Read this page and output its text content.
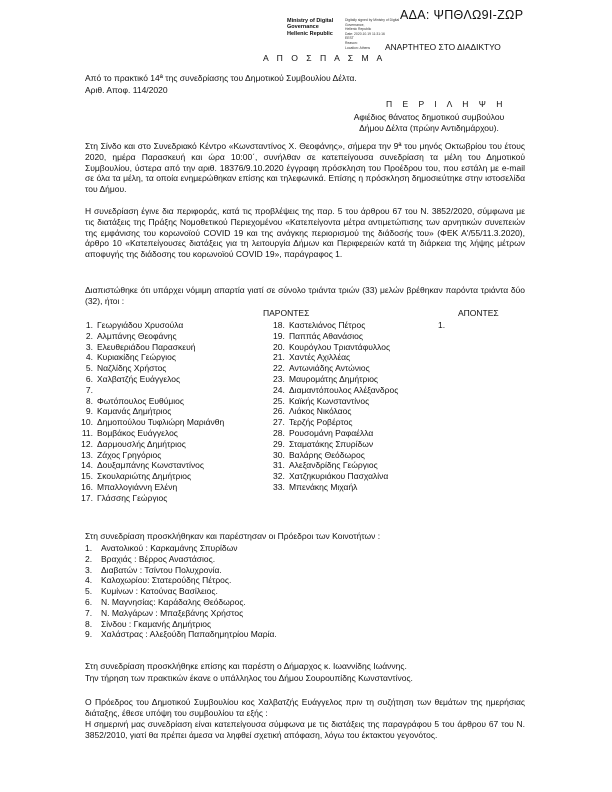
Ministry of Digital
Governance
Hellenic Republic
Digitally signed by Ministry of Digital
Governance,
Hellenic Republic
Date: 2020.10.19 11:31:16
EEST
Reason:
Location: Athens
ΑΔΑ: ΨΠΘΛΩ9Ι-ΖΩΡ
ΑΝΑΡΤΗΤΕΟ ΣΤΟ ΔΙΑΔΙΚΤΥΟ
Α Π Ο Σ Π Α Σ Μ Α
Από το πρακτικό 14ª της συνεδρίασης του Δημοτικού Συμβουλίου Δέλτα.
Αριθ. Αποφ. 114/2020
Π Ε Ρ Ι Λ Η Ψ Η
Αφιέδιος θάνατος δημοτικού συμβούλου
Δήμου Δέλτα (πρώην Αντιδημάρχου).
Στη Σίνδο και στο Συνεδριακό Κέντρο «Κωνσταντίνος Χ. Θεοφάνης», σήμερα την 9ª του μηνός Οκτωβρίου του έτους 2020, ημέρα Παρασκευή και ώρα 10:00΄, συνήλθαν σε κατεπείγουσα συνεδρίαση τα μέλη του Δημοτικού Συμβουλίου, ύστερα από την αριθ. 18376/9.10.2020 έγγραφη πρόσκληση του Προέδρου του, που εστάλη με e-mail σε όλα τα μέλη, τα οποία ενημερώθηκαν επίσης και τηλεφωνικά. Επίσης η πρόσκληση δημοσιεύτηκε στην ιστοσελίδα του Δήμου.
Η συνεδρίαση έγινε δια περιφοράς, κατά τις προβλέψεις της παρ. 5 του άρθρου 67 του Ν. 3852/2020, σύμφωνα με τις διατάξεις της Πράξης Νομοθετικού Περιεχομένου «Κατεπείγοντα μέτρα αντιμετώπισης των αρνητικών συνεπειών της εμφάνισης του κορωνοϊού COVID 19 και της ανάγκης περιορισμού της διάδοσής του» (ΦΕΚ Α'/55/11.3.2020), άρθρο 10 «Κατεπείγουσες διατάξεις για τη λειτουργία Δήμων και Περιφερειών κατά τη διάρκεια της λήψης μέτρων αποφυγής της διάδοσης του κορωνοϊού COVID 19», παράγραφος 1.
Διαπιστώθηκε ότι υπάρχει νόμιμη απαρτία γιατί σε σύνολο τριάντα τριών (33) μελών βρέθηκαν παρόντα τριάντα δύο (32), ήτοι :
ΠΑΡΟΝΤΕΣ	ΑΠΟΝΤΕΣ
1. Γεωργιάδου Χρυσούλα
2. Αλμπάνης Θεοφάνης
3. Ελευθεριάδου Παρασκευή
4. Κυριακίδης Γεώργιος
5. Ναζλίδης Χρήστος
6. Χαλβατζής Ευάγγελος
7.
8. Φωτόπουλος Ευθύμιος
9. Καμανάς Δημήτριος
10. Δημοπούλου Τυφλιώρη Μαριάνθη
11. Βομβάκος Ευάγγελος
12. Δαρμουσλής Δημήτριος
13. Ζάχος Γρηγόριος
14. Δουξαμπάνης Κωνσταντίνος
15. Σκουλαριώτης Δημήτριος
16. Μπαλλογιάννη Ελένη
17. Γλάσσης Γεώργιος
18. Καστελιάνος Πέτρος
19. Παππάς Αθανάσιος
20. Κουρόγλου Τριαντάφυλλος
21. Χαντές Αχιλλέας
22. Αντωνιάδης Αντώνιος
23. Μαυρομάτης Δημήτριος
24. Διαμαντόπουλος Αλέξανδρος
25. Καϊκής Κωνσταντίνος
26. Λιάκος Νικόλαος
27. Τερζής Ροβέρτος
28. Ρουσομάνη Ραφαέλλα
29. Σταματάκης Σπυρίδων
30. Βαλάρης Θεόδωρος
31. Αλεξανδρίδης Γεώργιος
32. Χατζηκυριάκου Πασχαλίνα
33. Μπενάκης Μιχαήλ
1.
Στη συνεδρίαση προσκλήθηκαν και παρέστησαν οι Πρόεδροι των Κοινοτήτων :
1. Ανατολικού : Καρκαμάνης Σπυρίδων
2. Βραχιάς : Βέρρος Αναστάσιος.
3. Διαβατών : Τσίντου Πολυχρονία.
4. Καλοχωρίου: Στατερούδης Πέτρος.
5. Κυμίνων : Κατούνας Βασίλειος.
6. Ν. Μαγνησίας: Καράδαλης Θεόδωρος.
7. Ν. Μαλγάρων : Μπαξεβάνης Χρήστος
8. Σίνδου : Γκαμανής Δημήτριος
9. Χαλάστρας : Αλεξούδη Παπαδημητρίου Μαρία.
Στη συνεδρίαση προσκλήθηκε επίσης και παρέστη ο Δήμαρχος κ. Ιωαννίδης Ιωάννης.
Την τήρηση των πρακτικών έκανε ο υπάλληλος του Δήμου Σουρουπίδης Κωνσταντίνος.
Ο Πρόεδρος του Δημοτικού Συμβουλίου κος Χαλβατζής Ευάγγελος πριν τη συζήτηση των θεμάτων της ημερήσιας διάταξης, έθεσε υπόψη του συμβουλίου τα εξής :
Η σημερινή μας συνεδρίαση είναι κατεπείγουσα σύμφωνα με τις διατάξεις της παραγράφου 5 του άρθρου 67 του Ν. 3852/2010, γιατί θα πρέπει άμεσα να ληφθεί σχετική απόφαση, λόγω του έκτακτου γεγονότος.
